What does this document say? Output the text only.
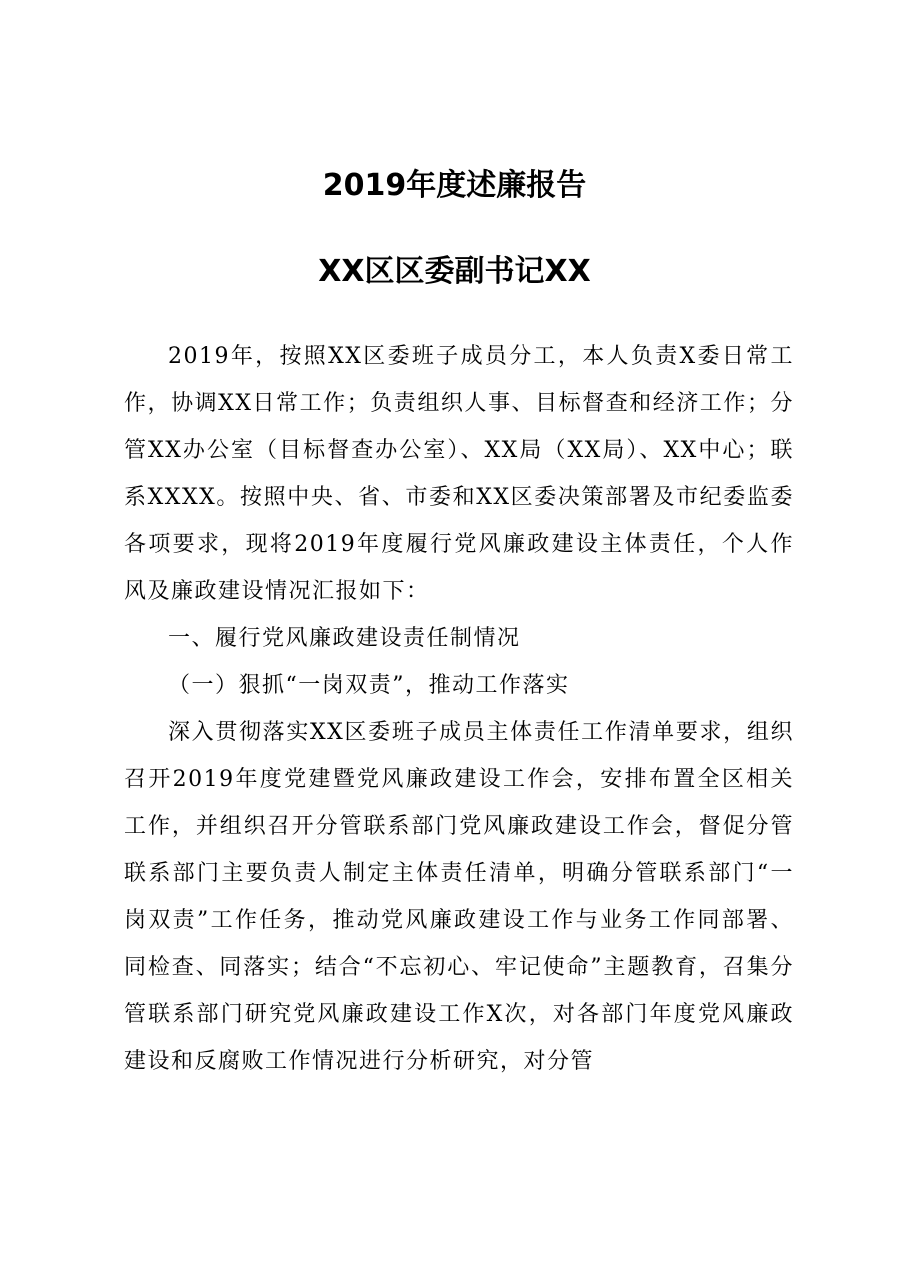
2019年度述廉报告
XX区区委副书记XX

2019年，按照XX区委班子成员分工，本人负责X委日常工作，协调XX日常工作；负责组织人事、目标督查和经济工作；分管XX办公室（目标督查办公室）、XX局（XX局）、XX中心；联系XXXX。按照中央、省、市委和XX区委决策部署及市纪委监委各项要求，现将2019年度履行党风廉政建设主体责任，个人作风及廉政建设情况汇报如下：

一、履行党风廉政建设责任制情况

（一）狠抓“一岗双责”，推动工作落实

深入贯彻落实XX区委班子成员主体责任工作清单要求，组织召开2019年度党建暨党风廉政建设工作会，安排布置全区相关工作，并组织召开分管联系部门党风廉政建设工作会，督促分管联系部门主要负责人制定主体责任清单，明确分管联系部门“一岗双责”工作任务，推动党风廉政建设工作与业务工作同部署、同检查、同落实；结合“不忘初心、牢记使命”主题教育，召集分管联系部门研究党风廉政建设工作X次，对各部门年度党风廉政建设和反腐败工作情况进行分析研究，对分管
